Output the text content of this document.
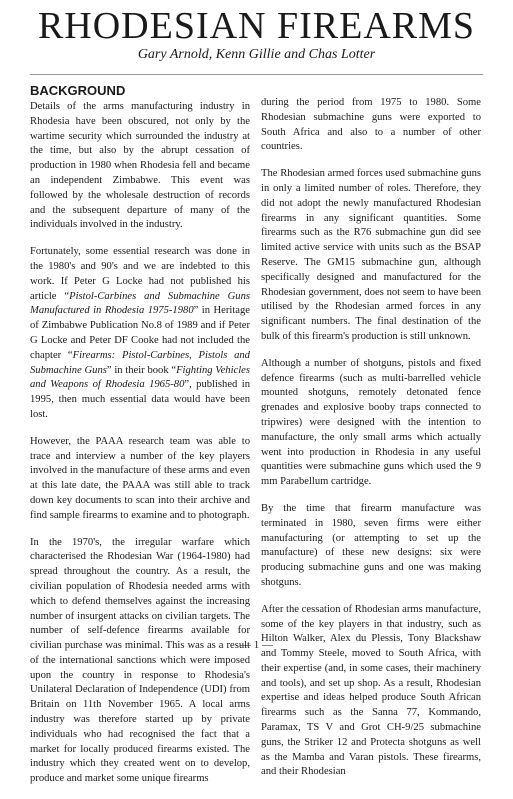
RHODESIAN FIREARMS
Gary Arnold, Kenn Gillie and Chas Lotter
BACKGROUND

Details of the arms manufacturing industry in Rhodesia have been obscured, not only by the wartime security which surrounded the industry at the time, but also by the abrupt cessation of production in 1980 when Rhodesia fell and became an independent Zimbabwe. This event was followed by the wholesale destruction of records and the subsequent departure of many of the individuals involved in the industry.

Fortunately, some essential research was done in the 1980's and 90's and we are indebted to this work. If Peter G Locke had not published his article “Pistol-Carbines and Submachine Guns Manufactured in Rhodesia 1975-1980” in Heritage of Zimbabwe Publication No.8 of 1989 and if Peter G Locke and Peter DF Cooke had not included the chapter “Firearms: Pistol-Carbines, Pistols and Submachine Guns” in their book “Fighting Vehicles and Weapons of Rhodesia 1965-80”, published in 1995, then much essential data would have been lost.

However, the PAAA research team was able to trace and interview a number of the key players involved in the manufacture of these arms and even at this late date, the PAAA was still able to track down key documents to scan into their archive and find sample firearms to examine and to photograph.

In the 1970's, the irregular warfare which characterised the Rhodesian War (1964-1980) had spread throughout the country. As a result, the civilian population of Rhodesia needed arms with which to defend themselves against the increasing number of insurgent attacks on civilian targets. The number of self-defence firearms available for civilian purchase was minimal. This was as a result of the international sanctions which were imposed upon the country in response to Rhodesia's Unilateral Declaration of Independence (UDI) from Britain on 11th November 1965. A local arms industry was therefore started up by private individuals who had recognised the fact that a market for locally produced firearms existed. The industry which they created went on to develop, produce and market some unique firearms

during the period from 1975 to 1980. Some Rhodesian submachine guns were exported to South Africa and also to a number of other countries.

The Rhodesian armed forces used submachine guns in only a limited number of roles. Therefore, they did not adopt the newly manufactured Rhodesian firearms in any significant quantities. Some firearms such as the R76 submachine gun did see limited active service with units such as the BSAP Reserve. The GM15 submachine gun, although specifically designed and manufactured for the Rhodesian government, does not seem to have been utilised by the Rhodesian armed forces in any significant numbers. The final destination of the bulk of this firearm's production is still unknown.

Although a number of shotguns, pistols and fixed defence firearms (such as multi-barrelled vehicle mounted shotguns, remotely detonated fence grenades and explosive booby traps connected to tripwires) were designed with the intention to manufacture, the only small arms which actually went into production in Rhodesia in any useful quantities were submachine guns which used the 9 mm Parabellum cartridge.

By the time that firearm manufacture was terminated in 1980, seven firms were either manufacturing (or attempting to set up the manufacture) of these new designs: six were producing submachine guns and one was making shotguns.

After the cessation of Rhodesian arms manufacture, some of the key players in that industry, such as Hilton Walker, Alex du Plessis, Tony Blackshaw and Tommy Steele, moved to South Africa, with their expertise (and, in some cases, their machinery and tools), and set up shop. As a result, Rhodesian expertise and ideas helped produce South African firearms such as the Sanna 77, Kommando, Paramax, TS V and Grot CH-9/25 submachine guns, the Striker 12 and Protecta shotguns as well as the Mamba and Varan pistols. These firearms, and their Rhodesian

— 1 —
